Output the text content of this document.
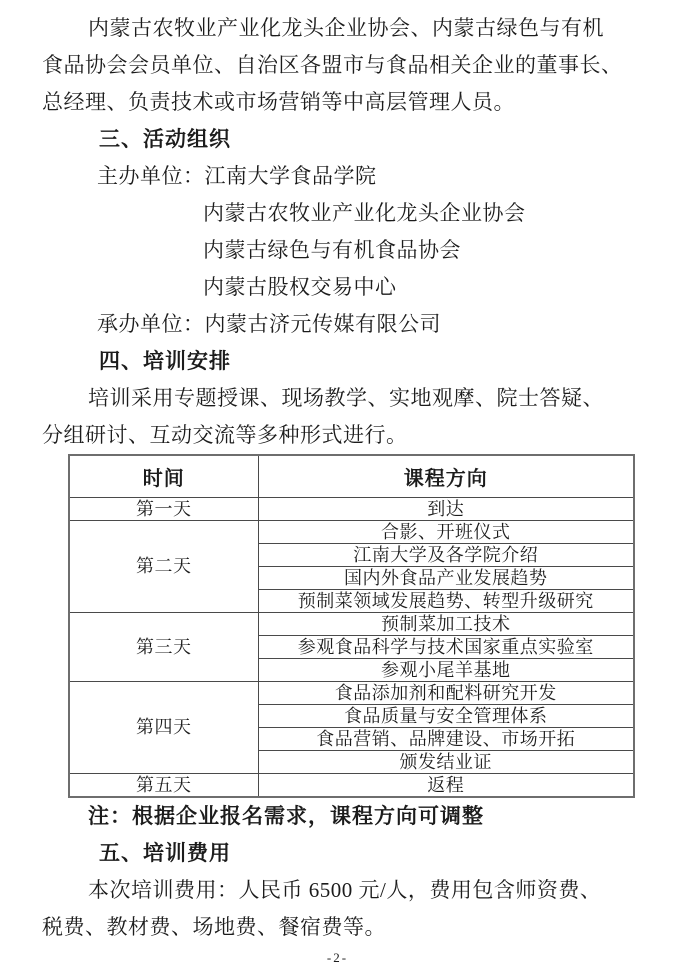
内蒙古农牧业产业化龙头企业协会、内蒙古绿色与有机
食品协会会员单位、自治区各盟市与食品相关企业的董事长、
总经理、负责技术或市场营销等中高层管理人员。
三、活动组织
主办单位：江南大学食品学院
内蒙古农牧业产业化龙头企业协会
内蒙古绿色与有机食品协会
内蒙古股权交易中心
承办单位：内蒙古济元传媒有限公司
四、培训安排
培训采用专题授课、现场教学、实地观摩、院士答疑、
分组研讨、互动交流等多种形式进行。
时间	课程方向
第一天	到达
第二天	合影、开班仪式
	江南大学及各学院介绍
	国内外食品产业发展趋势
	预制菜领域发展趋势、转型升级研究
第三天	预制菜加工技术
	参观食品科学与技术国家重点实验室
	参观小尾羊基地
第四天	食品添加剂和配料研究开发
	食品质量与安全管理体系
	食品营销、品牌建设、市场开拓
	颁发结业证
第五天	返程
注：根据企业报名需求，课程方向可调整
五、培训费用
本次培训费用：人民币 6500 元/人，费用包含师资费、
税费、教材费、场地费、餐宿费等。
-2-
